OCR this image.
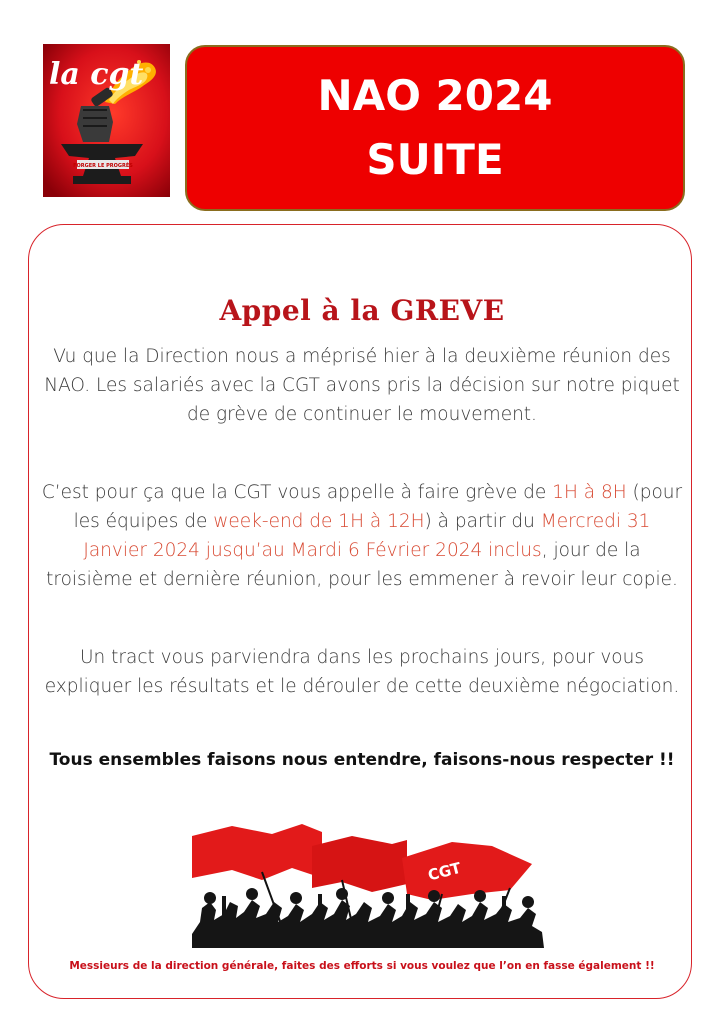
FORGER LE PROGRÈS
la cgt	NAO 2024
SUITE
Appel à la GREVE
Vu que la Direction nous a méprisé hier à la deuxième réunion des NAO. Les salariés avec la CGT avons pris la décision sur notre piquet de grève de continuer le mouvement.
C’est pour ça que la CGT vous appelle à faire grève de 1H à 8H (pour les équipes de week-end de 1H à 12H) à partir du Mercredi 31 Janvier 2024 jusqu’au Mardi 6 Février 2024 inclus, jour de la troisième et dernière réunion, pour les emmener à revoir leur copie.
Un tract vous parviendra dans les prochains jours, pour vous expliquer les résultats et le dérouler de cette deuxième négociation.
Tous ensembles faisons nous entendre, faisons-nous respecter !!
CGT
Messieurs de la direction générale, faites des efforts si vous voulez que l’on en fasse également !!
